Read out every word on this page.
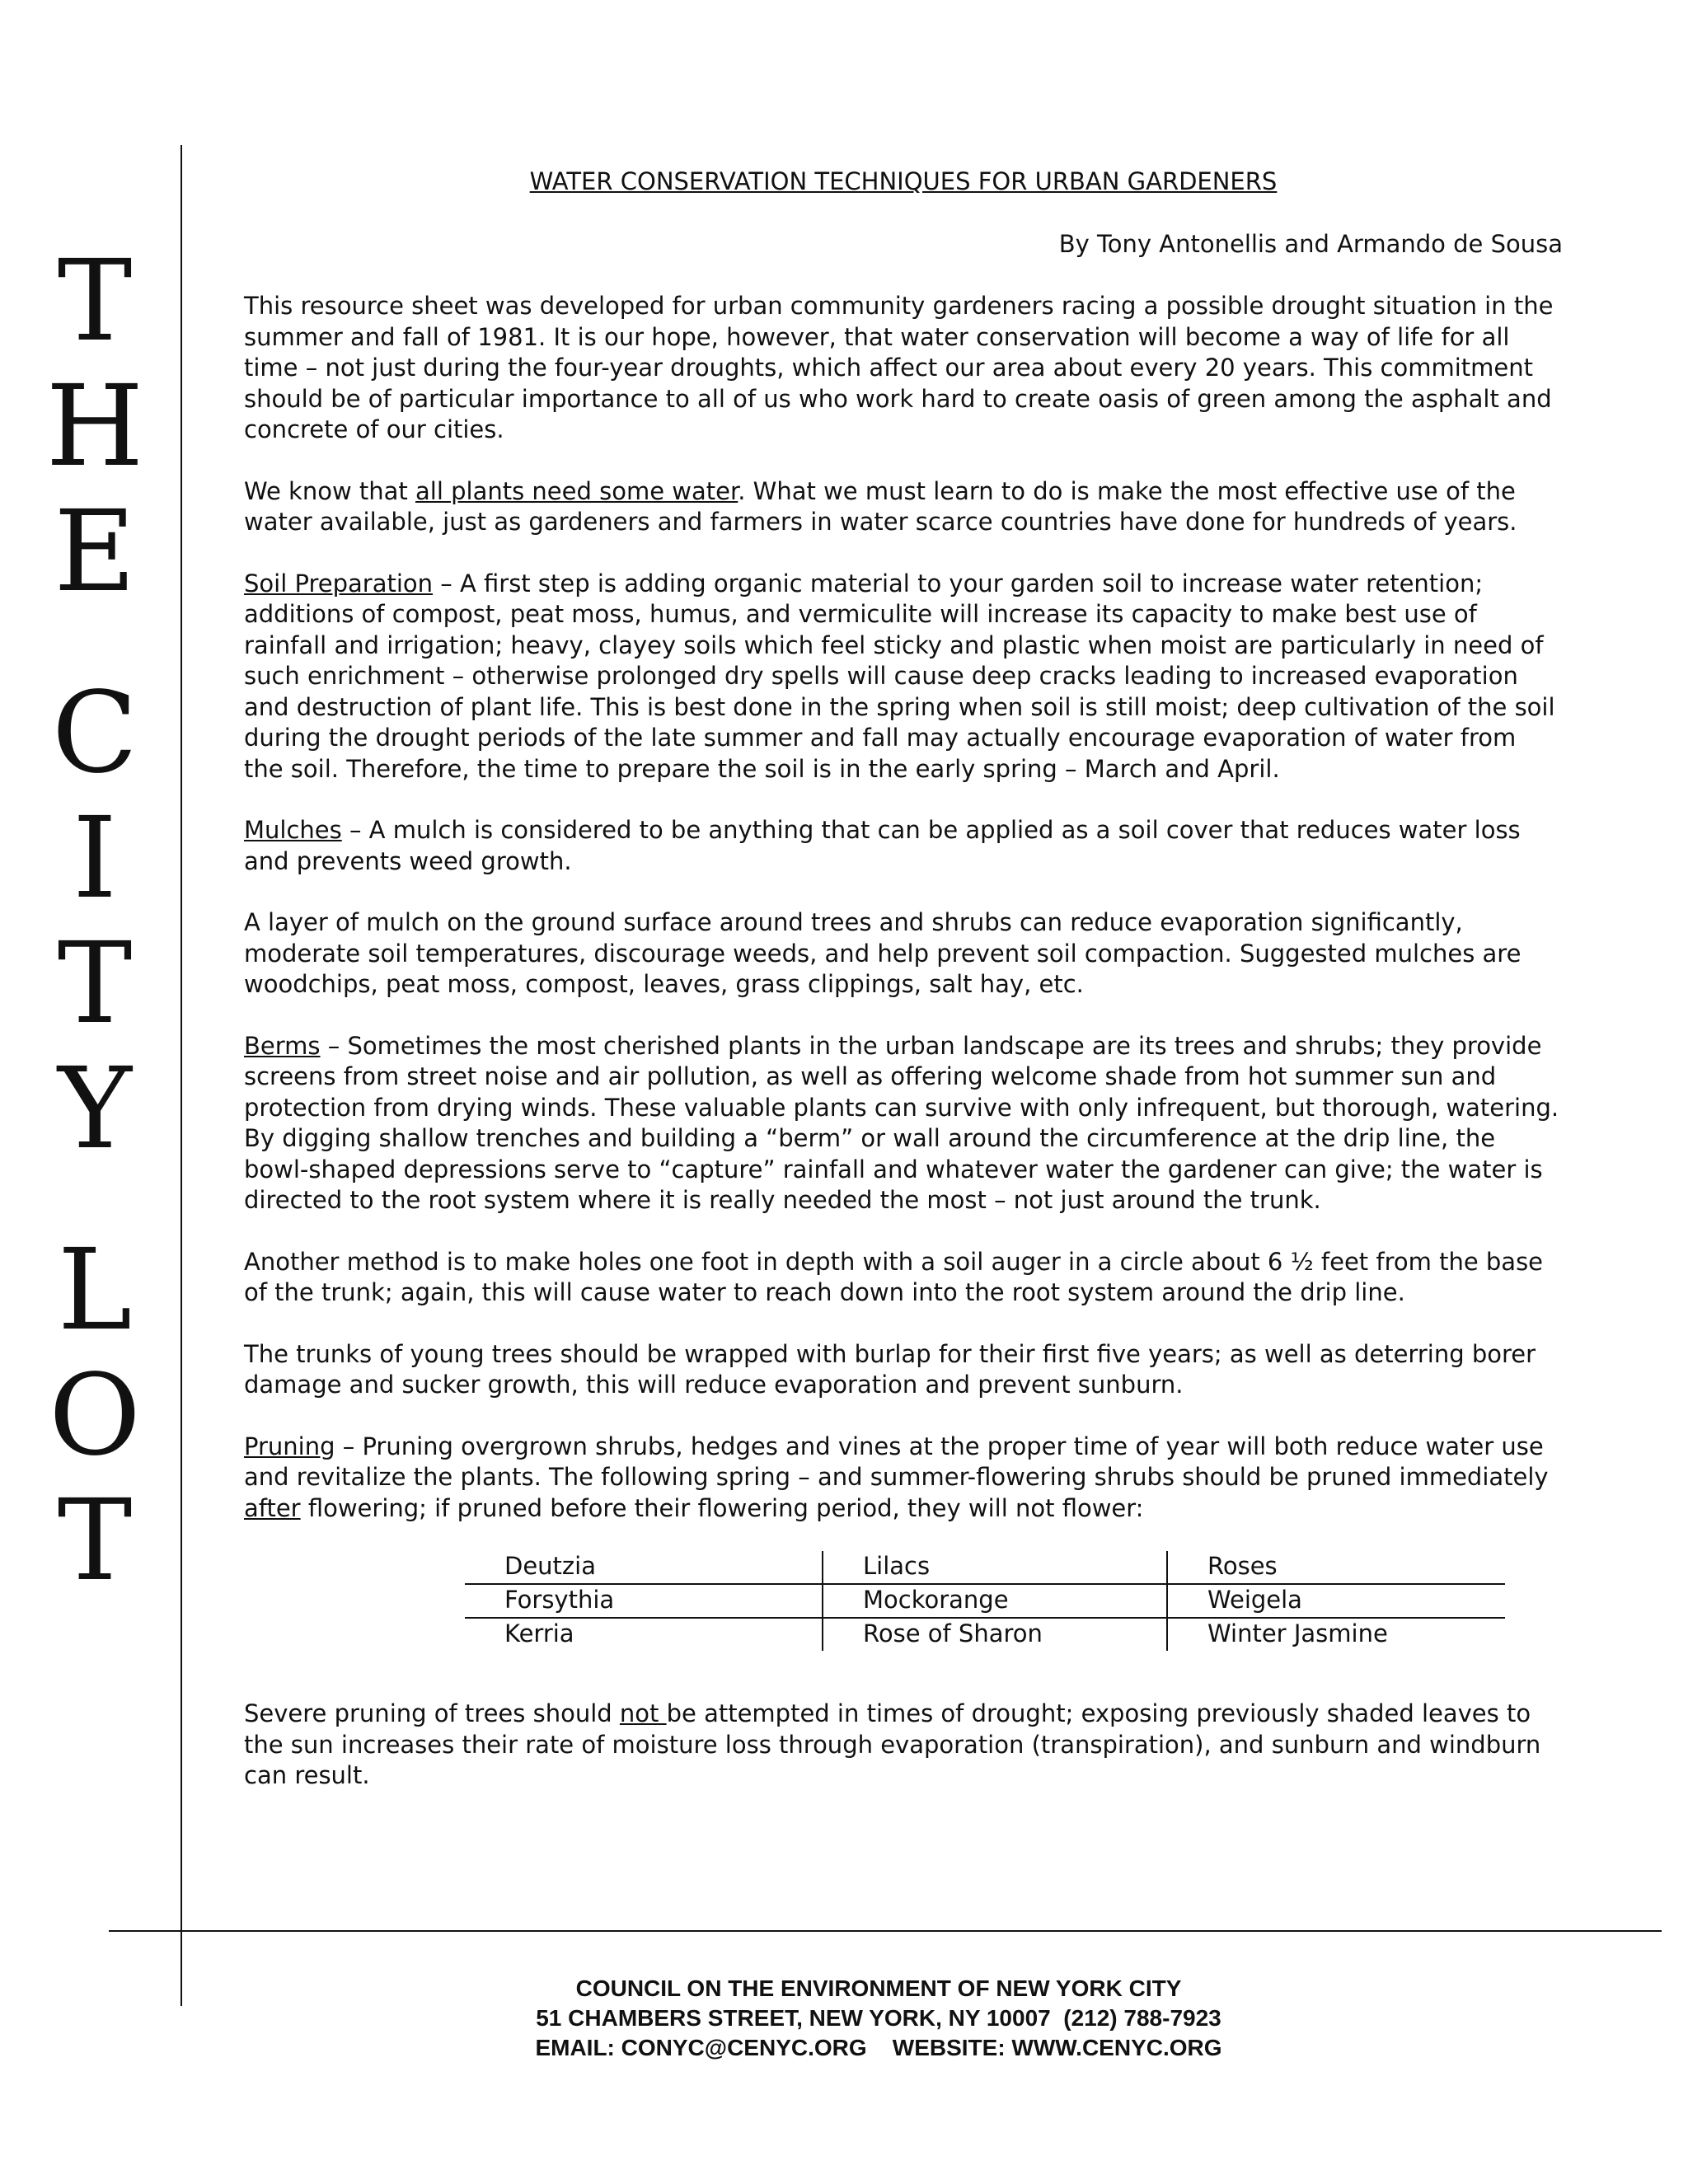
T
H
E
C
I
T
Y
L
O
T
WATER CONSERVATION TECHNIQUES FOR URBAN GARDENERS
By Tony Antonellis and Armando de Sousa

This resource sheet was developed for urban community gardeners racing a possible drought situation in the summer and fall of 1981. It is our hope, however, that water conservation will become a way of life for all time – not just during the four-year droughts, which affect our area about every 20 years. This commitment should be of particular importance to all of us who work hard to create oasis of green among the asphalt and concrete of our cities.

We know that all plants need some water. What we must learn to do is make the most effective use of the water available, just as gardeners and farmers in water scarce countries have done for hundreds of years.

Soil Preparation – A first step is adding organic material to your garden soil to increase water retention; additions of compost, peat moss, humus, and vermiculite will increase its capacity to make best use of rainfall and irrigation; heavy, clayey soils which feel sticky and plastic when moist are particularly in need of such enrichment – otherwise prolonged dry spells will cause deep cracks leading to increased evaporation and destruction of plant life. This is best done in the spring when soil is still moist; deep cultivation of the soil during the drought periods of the late summer and fall may actually encourage evaporation of water from the soil. Therefore, the time to prepare the soil is in the early spring – March and April.

Mulches – A mulch is considered to be anything that can be applied as a soil cover that reduces water loss and prevents weed growth.

A layer of mulch on the ground surface around trees and shrubs can reduce evaporation significantly, moderate soil temperatures, discourage weeds, and help prevent soil compaction. Suggested mulches are woodchips, peat moss, compost, leaves, grass clippings, salt hay, etc.

Berms – Sometimes the most cherished plants in the urban landscape are its trees and shrubs; they provide screens from street noise and air pollution, as well as offering welcome shade from hot summer sun and protection from drying winds. These valuable plants can survive with only infrequent, but thorough, watering. By digging shallow trenches and building a “berm” or wall around the circumference at the drip line, the bowl-shaped depressions serve to “capture” rainfall and whatever water the gardener can give; the water is directed to the root system where it is really needed the most – not just around the trunk.

Another method is to make holes one foot in depth with a soil auger in a circle about 6 ½ feet from the base of the trunk; again, this will cause water to reach down into the root system around the drip line.

The trunks of young trees should be wrapped with burlap for their first five years; as well as deterring borer damage and sucker growth, this will reduce evaporation and prevent sunburn.

Pruning – Pruning overgrown shrubs, hedges and vines at the proper time of year will both reduce water use and revitalize the plants. The following spring – and summer-flowering shrubs should be pruned immediately after flowering; if pruned before their flowering period, they will not flower:

Deutzia	Lilacs	Roses
Forsythia	Mockorange	Weigela
Kerria	Rose of Sharon	Winter Jasmine

Severe pruning of trees should not be attempted in times of drought; exposing previously shaded leaves to the sun increases their rate of moisture loss through evaporation (transpiration), and sunburn and windburn can result.

COUNCIL ON THE ENVIRONMENT OF NEW YORK CITY
51 CHAMBERS STREET, NEW YORK, NY 10007  (212) 788-7923
EMAIL: CONYC@CENYC.ORG    WEBSITE: WWW.CENYC.ORG
